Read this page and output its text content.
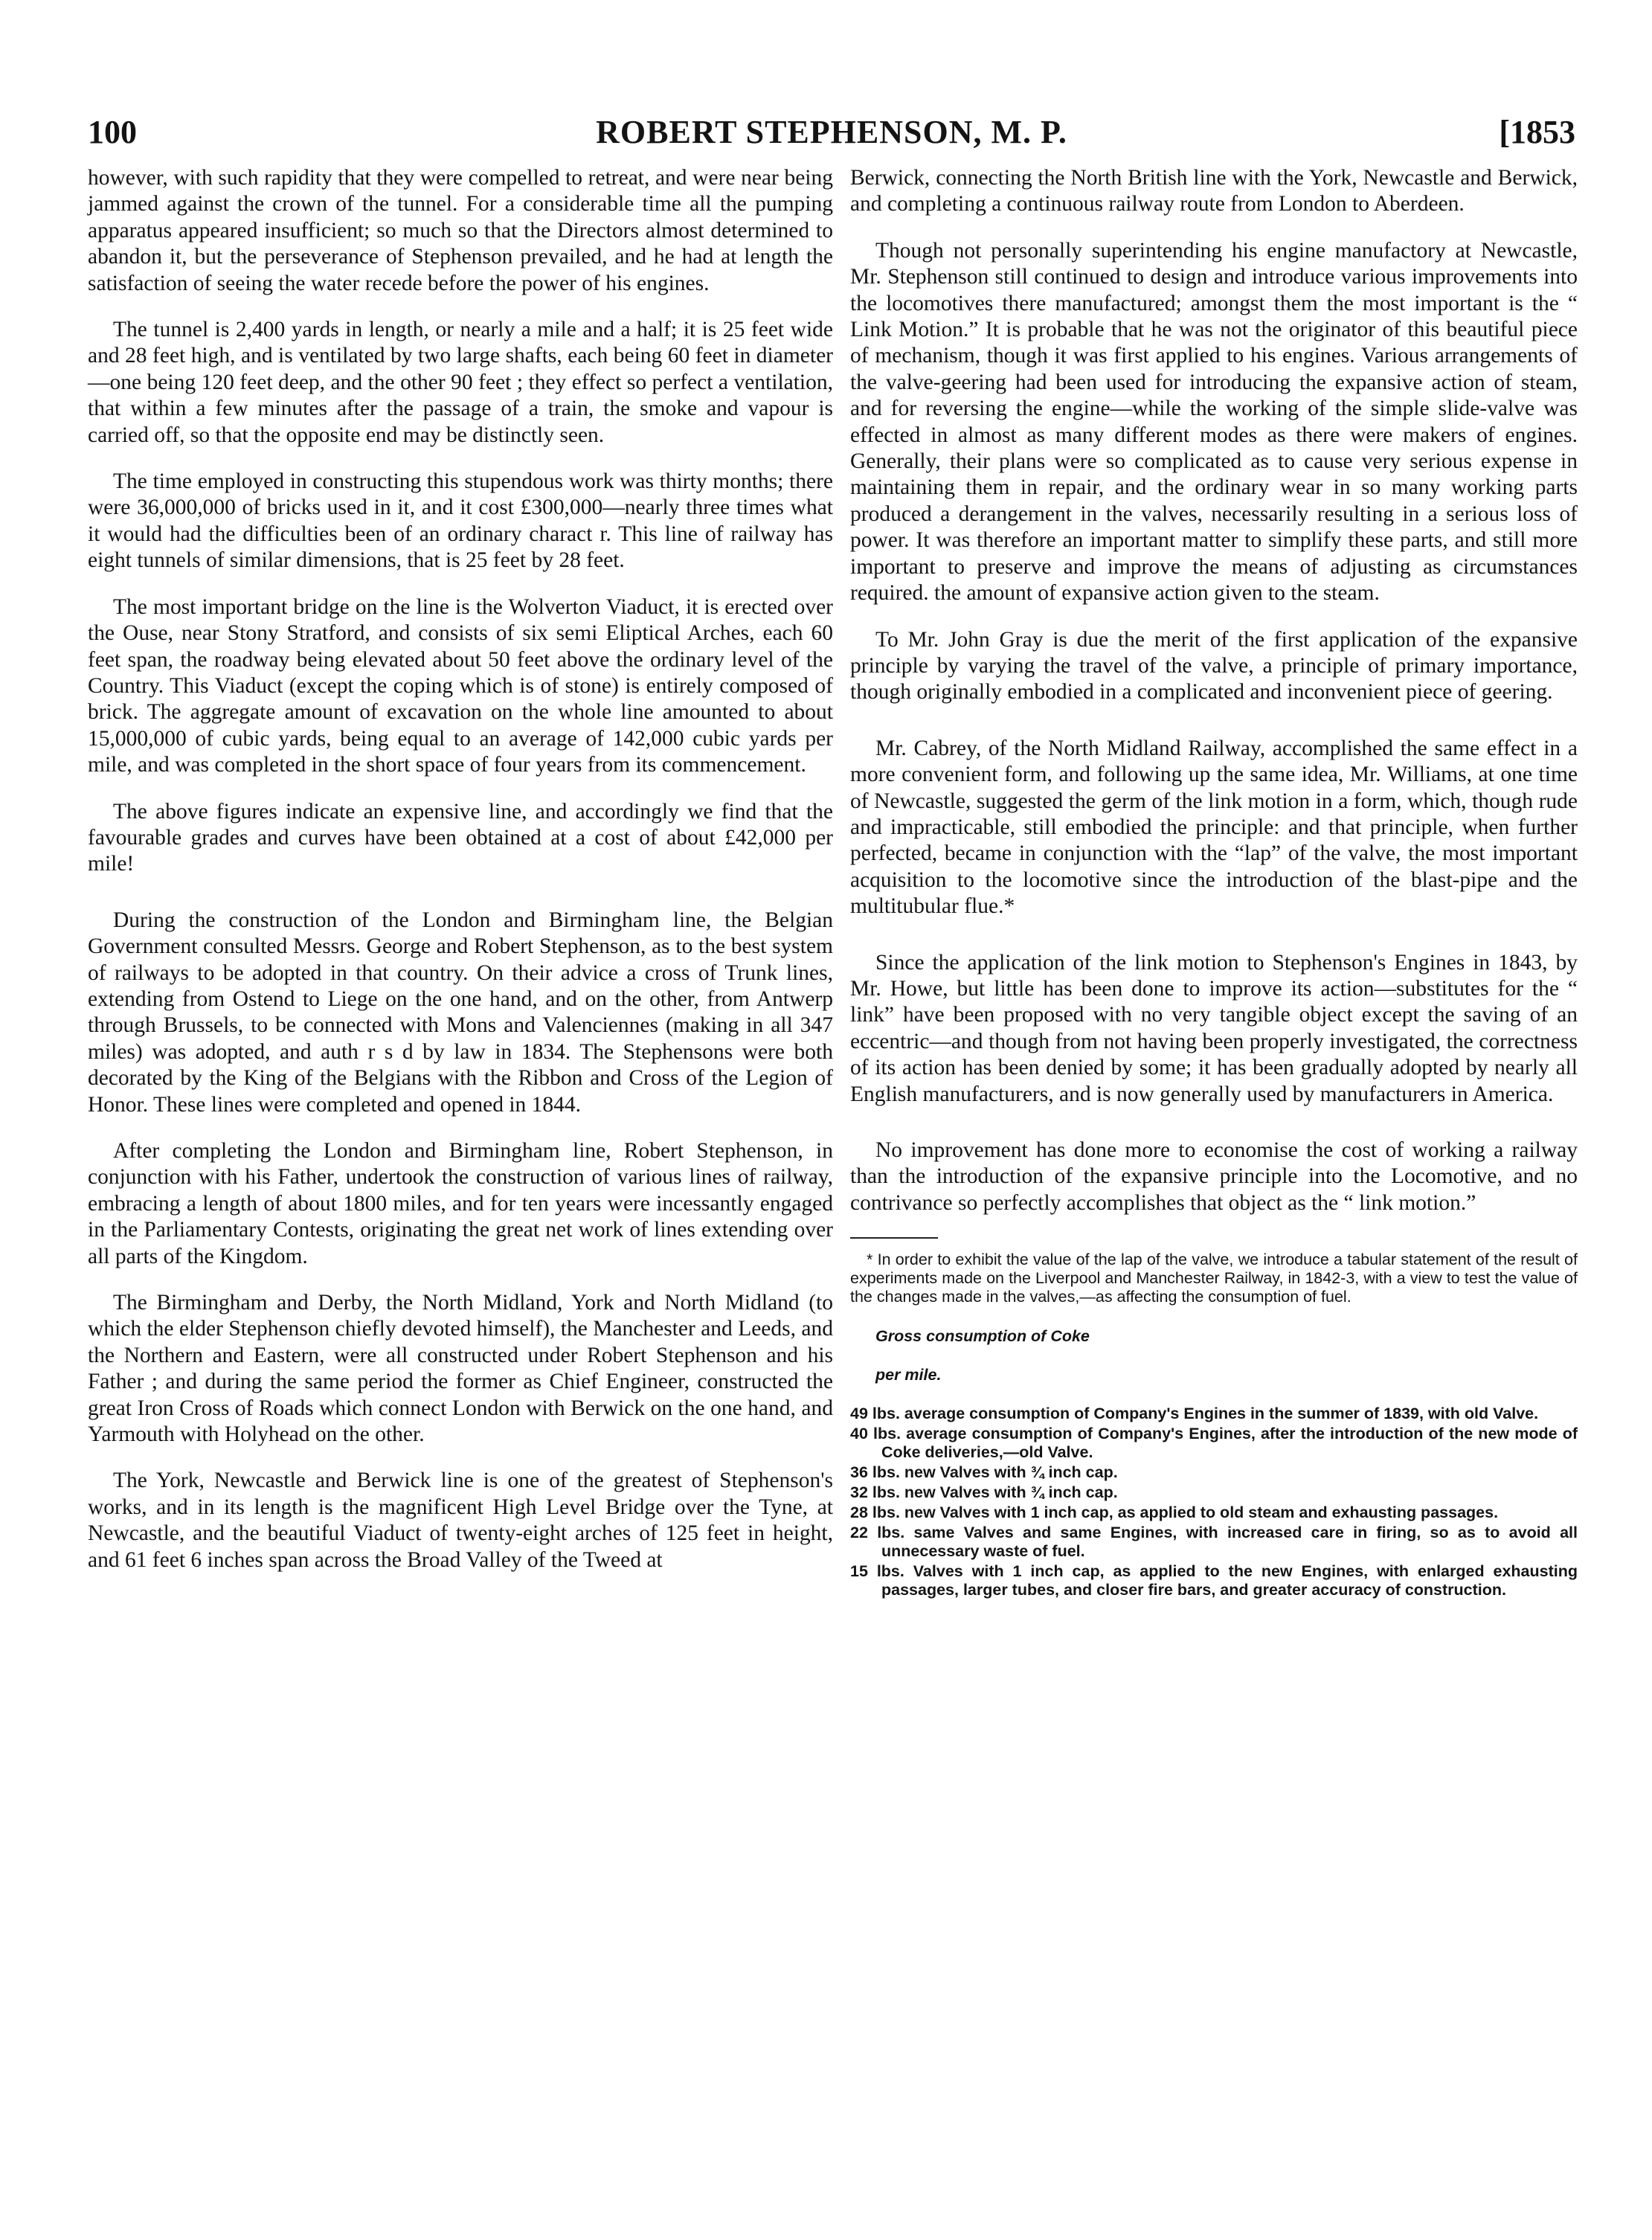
ROBERT STEPHENSON, M. P.
100	[1853

however, with such rapidity that they were compelled to retreat, and were near being jammed against the crown of the tunnel. For a considerable time all the pumping apparatus appeared insufficient; so much so that the Directors almost determined to abandon it, but the perseverance of Stephenson prevailed, and he had at length the satisfaction of seeing the water recede before the power of his engines.

The tunnel is 2,400 yards in length, or nearly a mile and a half; it is 25 feet wide and 28 feet high, and is ventilated by two large shafts, each being 60 feet in diameter—one being 120 feet deep, and the other 90 feet ; they effect so perfect a ventilation, that within a few minutes after the passage of a train, the smoke and vapour is carried off, so that the opposite end may be distinctly seen.

The time employed in constructing this stupendous work was thirty months; there were 36,000,000 of bricks used in it, and it cost £300,000—nearly three times what it would had the difficulties been of an ordinary charact r. This line of railway has eight tunnels of similar dimensions, that is 25 feet by 28 feet.

The most important bridge on the line is the Wolverton Viaduct, it is erected over the Ouse, near Stony Stratford, and consists of six semi Eliptical Arches, each 60 feet span, the roadway being elevated about 50 feet above the ordinary level of the Country. This Viaduct (except the coping which is of stone) is entirely composed of brick. The aggregate amount of excavation on the whole line amounted to about 15,000,000 of cubic yards, being equal to an average of 142,000 cubic yards per mile, and was completed in the short space of four years from its commencement.

The above figures indicate an expensive line, and accordingly we find that the favourable grades and curves have been obtained at a cost of about £42,000 per mile!

During the construction of the London and Birmingham line, the Belgian Government consulted Messrs. George and Robert Stephenson, as to the best system of railways to be adopted in that country. On their advice a cross of Trunk lines, extending from Ostend to Liege on the one hand, and on the other, from Antwerp through Brussels, to be connected with Mons and Valenciennes (making in all 347 miles) was adopted, and auth r s d by law in 1834. The Stephensons were both decorated by the King of the Belgians with the Ribbon and Cross of the Legion of Honor. These lines were completed and opened in 1844.

After completing the London and Birmingham line, Robert Stephenson, in conjunction with his Father, undertook the construction of various lines of railway, embracing a length of about 1800 miles, and for ten years were incessantly engaged in the Parliamentary Contests, originating the great net work of lines extending over all parts of the Kingdom.

The Birmingham and Derby, the North Midland, York and North Midland (to which the elder Stephenson chiefly devoted himself), the Manchester and Leeds, and the Northern and Eastern, were all constructed under Robert Stephenson and his Father ; and during the same period the former as Chief Engineer, constructed the great Iron Cross of Roads which connect London with Berwick on the one hand, and Yarmouth with Holyhead on the other.

The York, Newcastle and Berwick line is one of the greatest of Stephenson's works, and in its length is the magnificent High Level Bridge over the Tyne, at Newcastle, and the beautiful Viaduct of twenty-eight arches of 125 feet in height, and 61 feet 6 inches span across the Broad Valley of the Tweed at

Berwick, connecting the North British line with the York, Newcastle and Berwick, and completing a continuous railway route from London to Aberdeen.

Though not personally superintending his engine manufactory at Newcastle, Mr. Stephenson still continued to design and introduce various improvements into the locomotives there manufactured; amongst them the most important is the “ Link Motion.” It is probable that he was not the originator of this beautiful piece of mechanism, though it was first applied to his engines. Various arrangements of the valve-geering had been used for introducing the expansive action of steam, and for reversing the engine—while the working of the simple slide-valve was effected in almost as many different modes as there were makers of engines. Generally, their plans were so complicated as to cause very serious expense in maintaining them in repair, and the ordinary wear in so many working parts produced a derangement in the valves, necessarily resulting in a serious loss of power. It was therefore an important matter to simplify these parts, and still more important to preserve and improve the means of adjusting as circumstances required. the amount of expansive action given to the steam.

To Mr. John Gray is due the merit of the first application of the expansive principle by varying the travel of the valve, a principle of primary importance, though originally embodied in a complicated and inconvenient piece of geering.

Mr. Cabrey, of the North Midland Railway, accomplished the same effect in a more convenient form, and following up the same idea, Mr. Williams, at one time of Newcastle, suggested the germ of the link motion in a form, which, though rude and impracticable, still embodied the principle: and that principle, when further perfected, became in conjunction with the “lap” of the valve, the most important acquisition to the locomotive since the introduction of the blast-pipe and the multitubular flue.*

Since the application of the link motion to Stephenson's Engines in 1843, by Mr. Howe, but little has been done to improve its action—substitutes for the “ link” have been proposed with no very tangible object except the saving of an eccentric—and though from not having been properly investigated, the correctness of its action has been denied by some; it has been gradually adopted by nearly all English manufacturers, and is now generally used by manufacturers in America.

No improvement has done more to economise the cost of working a railway than the introduction of the expansive principle into the Locomotive, and no contrivance so perfectly accomplishes that object as the “ link motion.”

* In order to exhibit the value of the lap of the valve, we introduce a tabular statement of the result of experiments made on the Liverpool and Manchester Railway, in 1842-3, with a view to test the value of the changes made in the valves,—as affecting the consumption of fuel.

Gross consumption of Coke

per mile.

49 lbs. average consumption of Company's Engines in the summer of 1839, with old Valve.
40 lbs. average consumption of Company's Engines, after the introduction of the new mode of Coke deliveries,—old Valve.
36 lbs. new Valves with ¾ inch cap.
32 lbs. new Valves with ¾ inch cap.
28 lbs. new Valves with 1 inch cap, as applied to old steam and exhausting passages.
22 lbs. same Valves and same Engines, with increased care in firing, so as to avoid all unnecessary waste of fuel.
15 lbs. Valves with 1 inch cap, as applied to the new Engines, with enlarged exhausting passages, larger tubes, and closer fire bars, and greater accuracy of construction.
